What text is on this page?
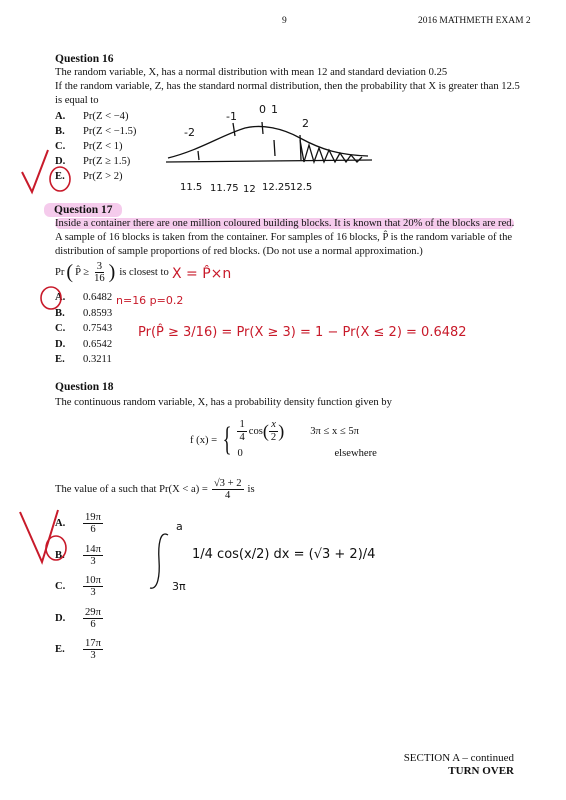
9	2016 MATHMETH EXAM 2
Question 16
The random variable, X, has a normal distribution with mean 12 and standard deviation 0.25
If the random variable, Z, has the standard normal distribution, then the probability that X is greater than 12.5
is equal to
A.	Pr(Z < −4)
B.	Pr(Z < −1.5)
C.	Pr(Z < 1)
D.	Pr(Z ≥ 1.5)
E.	Pr(Z > 2)
Question 17
Inside a container there are one million coloured building blocks. It is known that 20% of the blocks are red.
A sample of 16 blocks is taken from the container. For samples of 16 blocks, P̂ is the random variable of the
distribution of sample proportions of red blocks. (Do not use a normal approximation.)
Pr ( P̂ ≥ $\frac{3}{16}$ ) is closest to
A.	0.6482
B.	0.8593
C.	0.7543
D.	0.6542
E.	0.3211
Question 18
The continuous random variable, X, has a probability density function given by
f (x) = { $\frac{1}{4}$ cos ( $\frac{x}{2}$ ) 3π ≤ x ≤ 5π
0	elsewhere
The value of a such that $Pr(X < a) = \frac{√3 + 2}{4}$ is
A.	$\frac{19\pi}{6}$
B.	$\frac{14\pi}{3}$
C.	$\frac{10\pi}{3}$
D.	$\frac{29\pi}{6}$
E.	$\frac{17\pi}{3}$
-2
-1
0 1
2
11.5 11.75 12 12.25 12.5
X = P̂×n
n=16 p=0.2
Pr(P̂ ≥ 3/16) = Pr(X ≥ 3) = 1 − Pr(X ≤ 2) = 0.6482
a
3π
1/4 cos(x/2) dx = (√3 + 2)/4
SECTION A – continued
TURN OVER
